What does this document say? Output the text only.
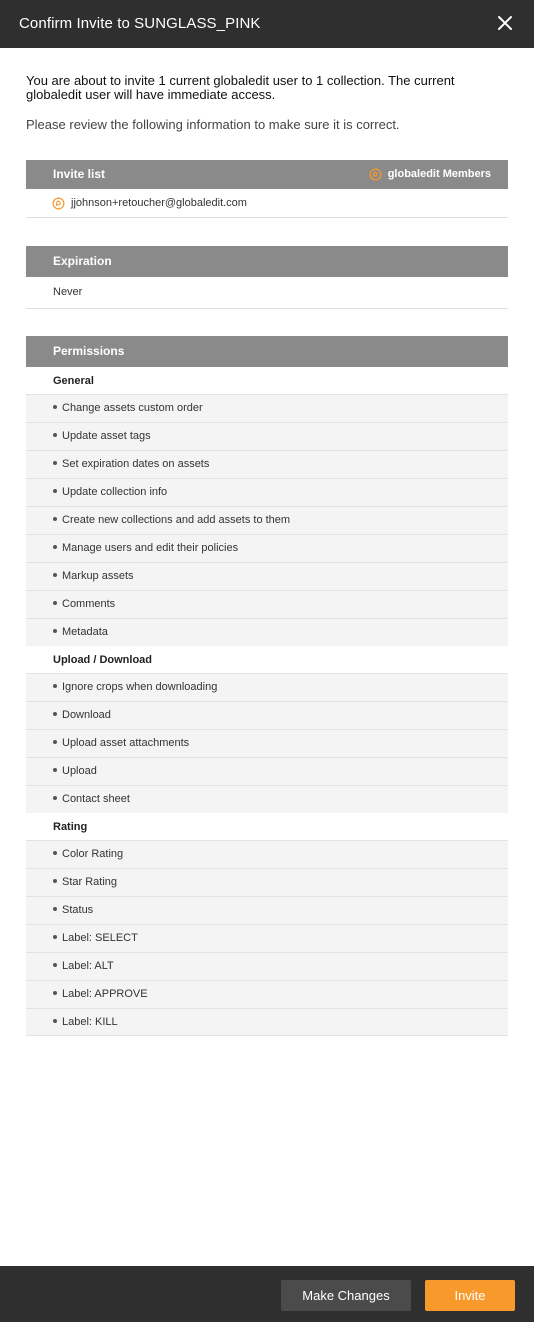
Confirm Invite to SUNGLASS_PINK
You are about to invite 1 current globaledit user to 1 collection. The current globaledit user will have immediate access.
Please review the following information to make sure it is correct.
Invite list	globaledit Members
jjohnson+retoucher@globaledit.com
Expiration
Never
Permissions
General
Change assets custom order
Update asset tags
Set expiration dates on assets
Update collection info
Create new collections and add assets to them
Manage users and edit their policies
Markup assets
Comments
Metadata
Upload / Download
Ignore crops when downloading
Download
Upload asset attachments
Upload
Contact sheet
Rating
Color Rating
Star Rating
Status
Label: SELECT
Label: ALT
Label: APPROVE
Label: KILL
Make Changes	Invite
